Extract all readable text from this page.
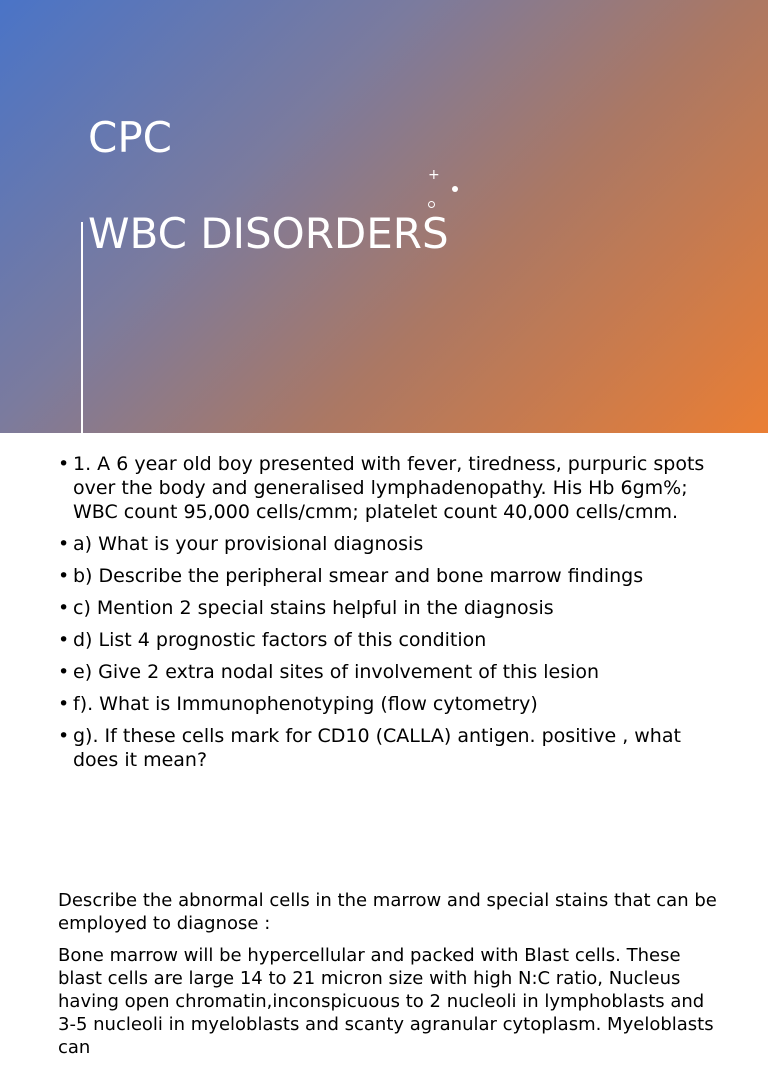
CPC
WBC DISORDERS
+
• 1. A 6 year old boy presented with fever, tiredness, purpuric spots over the body and generalised lymphadenopathy. His Hb 6gm%; WBC count 95,000 cells/cmm; platelet count 40,000 cells/cmm.
• a) What is your provisional diagnosis
• b) Describe the peripheral smear and bone marrow findings
• c) Mention 2 special stains helpful in the diagnosis
• d) List 4 prognostic factors of this condition
• e) Give 2 extra nodal sites of involvement of this lesion
• f). What is Immunophenotyping (flow cytometry)
• g). If these cells mark for CD10 (CALLA) antigen. positive , what does it mean?

Describe the abnormal cells in the marrow and special stains that can be employed to diagnose :

Bone marrow will be hypercellular and packed with Blast cells. These blast cells are large 14 to 21 micron size with high N:C ratio, Nucleus having open chromatin,inconspicuous to 2 nucleoli in lymphoblasts and 3-5 nucleoli in myeloblasts and scanty agranular cytoplasm. Myeloblasts can
